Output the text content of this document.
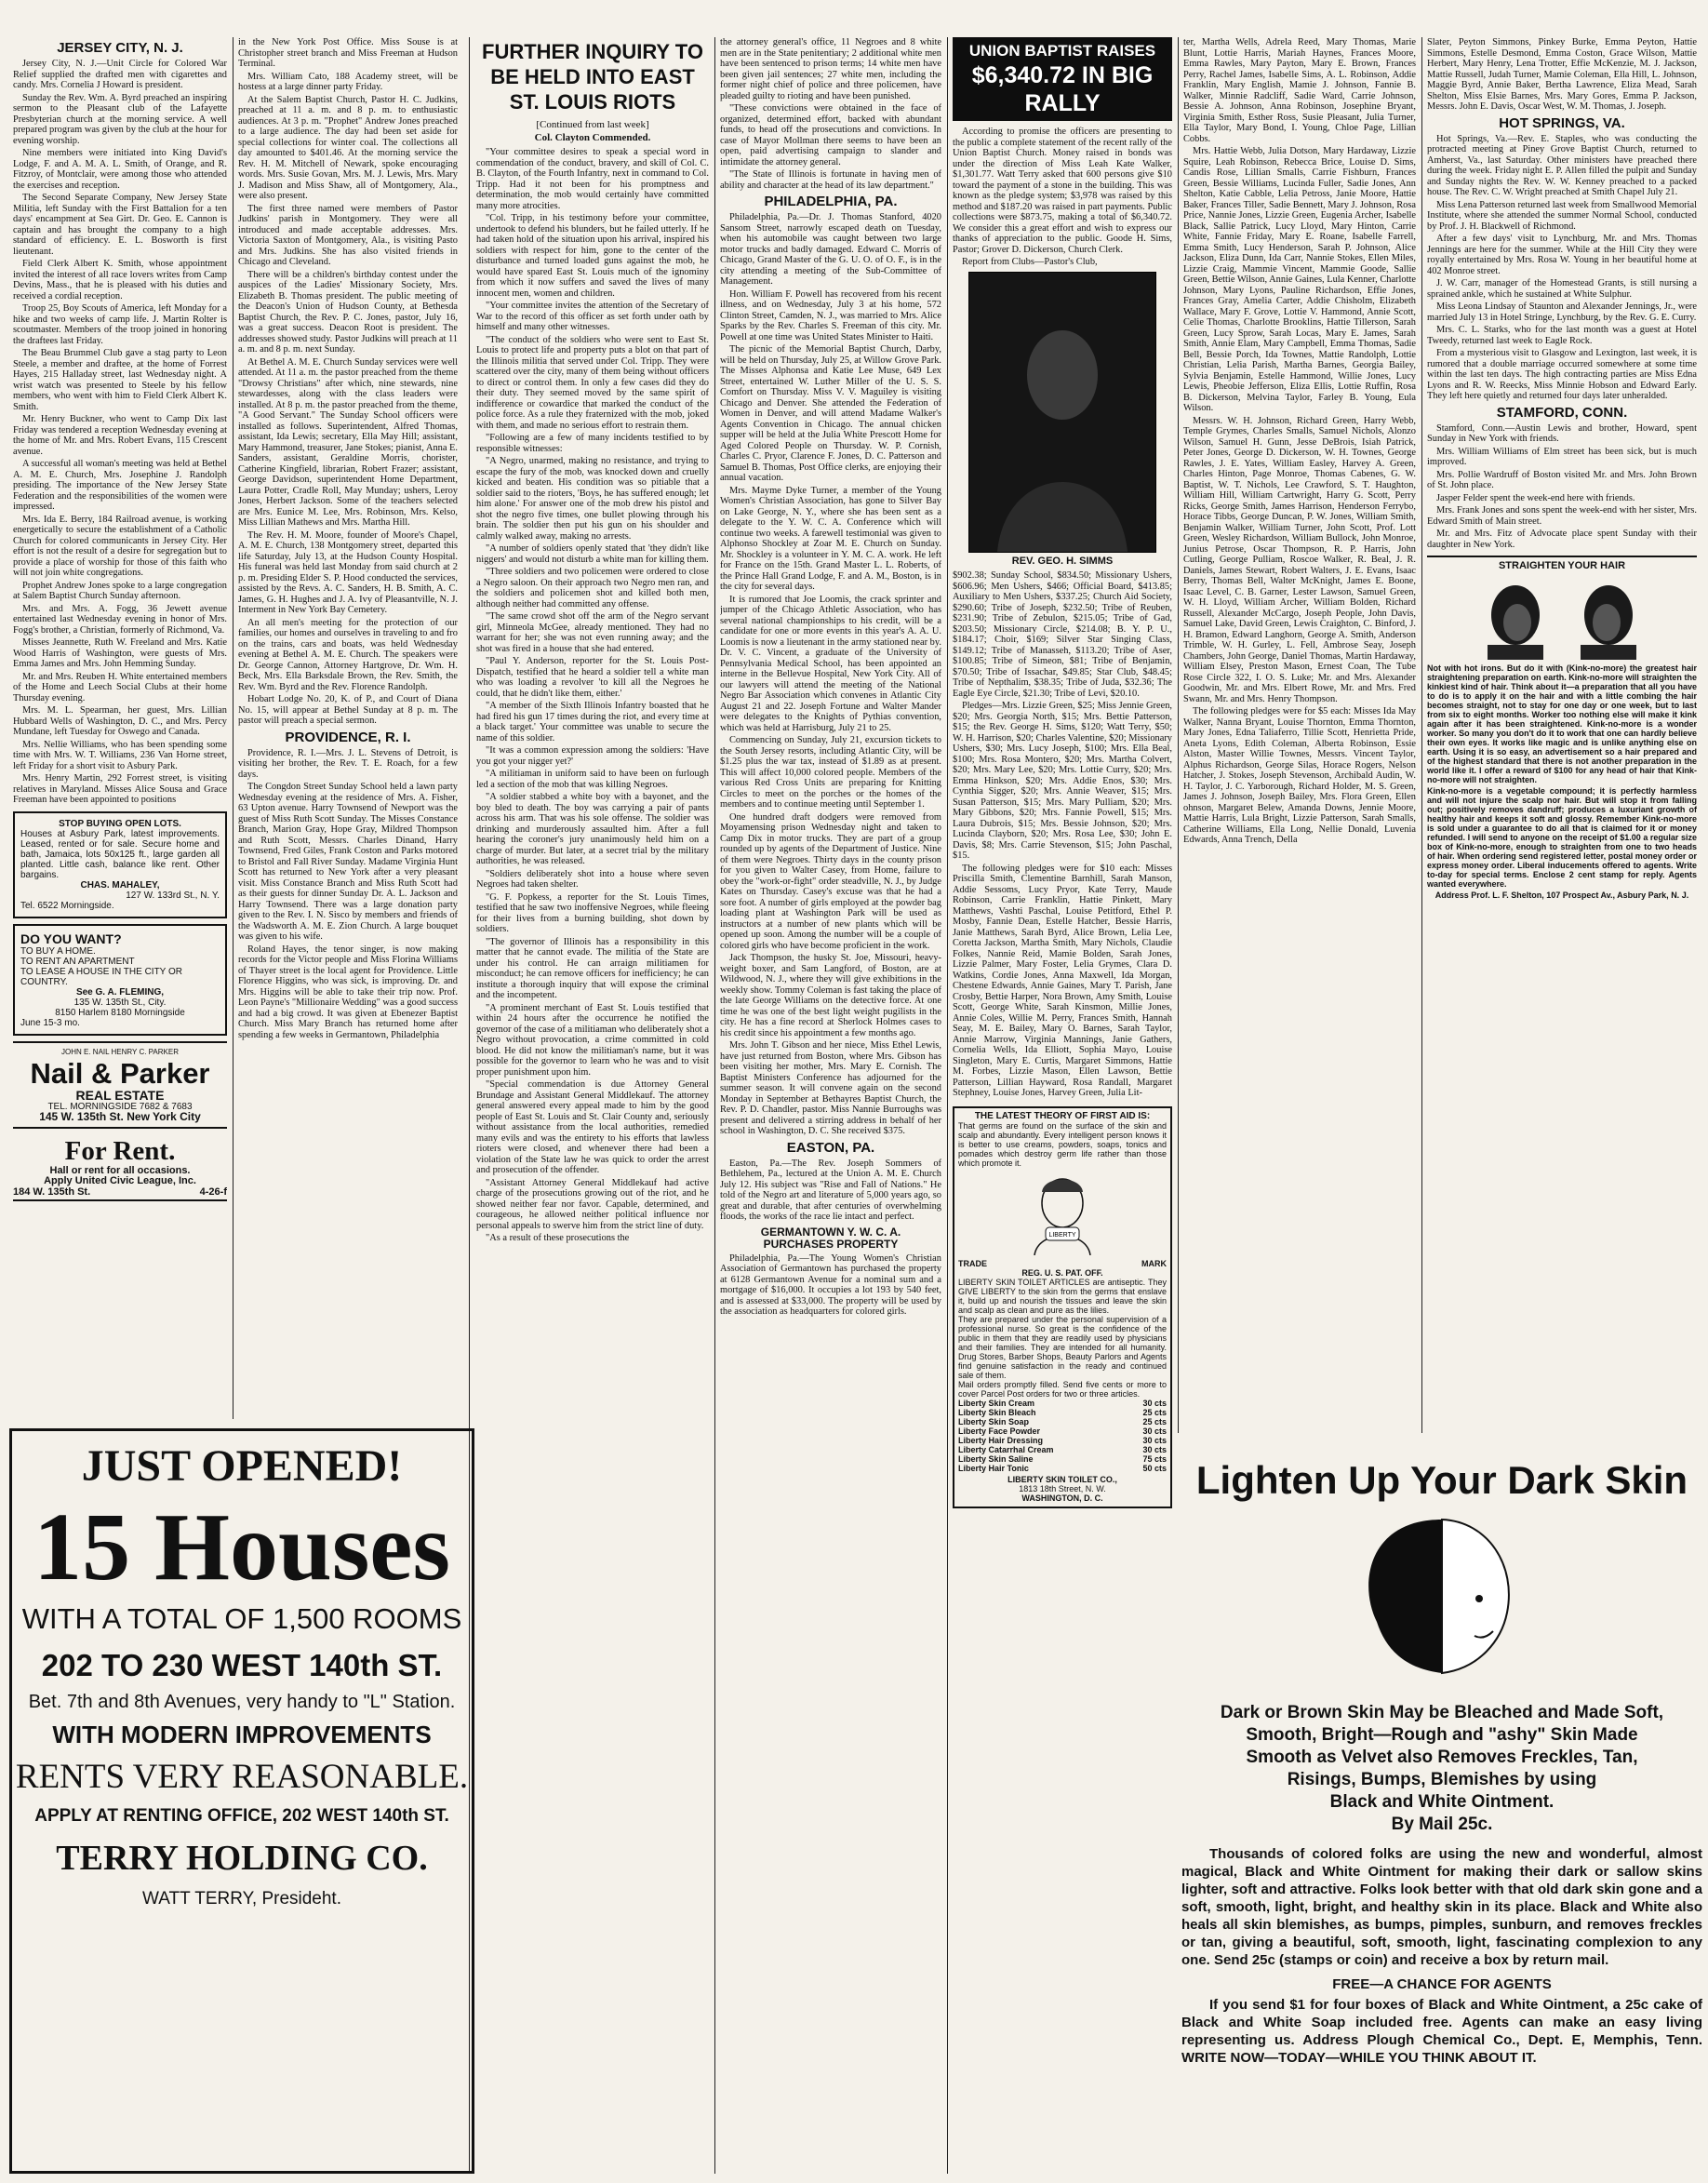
JERSEY CITY, N. J.

Jersey City, N. J.—Unit Circle for Colored War Relief supplied the drafted men with cigarettes and candy. Mrs. Cornelia J Howard is president.

Sunday the Rev. Wm. A. Byrd preached an inspiring sermon to the Pleasant club of the Lafayette Presbyterian church at the morning service. A well prepared program was given by the club at the hour for evening worship.

Nine members were initiated into King David's Lodge, F. and A. M. A. L. Smith, of Orange, and R. Fitzroy, of Montclair, were among those who attended the exercises and reception.

The Second Separate Company, New Jersey State Militia, left Sunday with the First Battalion for a ten days' encampment at Sea Girt. Dr. Geo. E. Cannon is captain and has brought the company to a high standard of efficiency. E. L. Bosworth is first lieutenant.

Field Clerk Albert K. Smith, whose appointment invited the interest of all race lovers writes from Camp Devins, Mass., that he is pleased with his duties and received a cordial reception.

Troop 25, Boy Scouts of America, left Monday for a hike and two weeks of camp life. J. Martin Rolter is scoutmaster. Members of the troop joined in honoring the draftees last Friday.

The Beau Brummel Club gave a stag party to Leon Steele, a member and draftee, at the home of Forrest Hayes, 215 Halladay street, last Wednesday night. A wrist watch was presented to Steele by his fellow members, who went with him to Field Clerk Albert K. Smith.

Mr. Henry Buckner, who went to Camp Dix last Friday was tendered a reception Wednesday evening at the home of Mr. and Mrs. Robert Evans, 115 Crescent avenue.

A successful all woman's meeting was held at Bethel A. M. E. Church, Mrs. Josephine J. Randolph presiding. The importance of the New Jersey State Federation and the responsibilities of the women were impressed.

Mrs. Ida E. Berry, 184 Railroad avenue, is working energetically to secure the establishment of a Catholic Church for colored communicants in Jersey City. Her effort is not the result of a desire for segregation but to provide a place of worship for those of this faith who will not join white congregations.

Prophet Andrew Jones spoke to a large congregation at Salem Baptist Church Sunday afternoon.

Mrs. and Mrs. A. Fogg, 36 Jewett avenue entertained last Wednesday evening in honor of Mrs. Fogg's brother, a Christian, formerly of Richmond, Va.

Misses Jeannette, Ruth W. Freeland and Mrs. Katie Wood Harris of Washington, were guests of Mrs. Emma James and Mrs. John Hemming Sunday.

Mr. and Mrs. Reuben H. White entertained members of the Home and Leech Social Clubs at their home Thursday evening.

Mrs. M. L. Spearman, her guest, Mrs. Lillian Hubbard Wells of Washington, D. C., and Mrs. Percy Mundane, left Tuesday for Oswego and Canada.

Mrs. Nellie Williams, who has been spending some time with Mrs. W. T. Williams, 236 Van Horne street, left Friday for a short visit to Asbury Park.

Mrs. Henry Martin, 292 Forrest street, is visiting relatives in Maryland. Misses Alice Sousa and Grace Freeman have been appointed to positions

STOP BUYING OPEN LOTS.
Houses at Asbury Park, latest improvements. Leased, rented or for sale. Secure home and bath, Jamaica, lots 50x125 ft., large garden all planted. Little cash, balance like rent. Other bargains.
CHAS. MAHALEY,
127 W. 133rd St., N. Y.
Tel. 6522 Morningside.
DO YOU WANT?
TO BUY A HOME.
TO RENT AN APARTMENT
TO LEASE A HOUSE IN THE CITY OR COUNTRY.
See G. A. FLEMING,
135 W. 135th St., City.
8150 Harlem 8180 Morningside
June 15-3 mo.
JOHN E. NAIL HENRY C. PARKER
Nail & Parker
REAL ESTATE
TEL. MORNINGSIDE 7682 & 7683
145 W. 135th St. New York City
For Rent.
Hall or rent for all occasions.
Apply United Civic League, Inc.
184 W. 135th St.	4-26-f

in the New York Post Office. Miss Souse is at Christopher street branch and Miss Freeman at Hudson Terminal.

Mrs. William Cato, 188 Academy street, will be hostess at a large dinner party Friday.

At the Salem Baptist Church, Pastor H. C. Judkins, preached at 11 a. m. and 8 p. m. to enthusiastic audiences. At 3 p. m. "Prophet" Andrew Jones preached to a large audience. The day had been set aside for special collections for winter coal. The collections all day amounted to $401.46. At the morning service the Rev. H. M. Mitchell of Newark, spoke encouraging words. Mrs. Susie Govan, Mrs. M. J. Lewis, Mrs. Mary J. Madison and Miss Shaw, all of Montgomery, Ala., were also present.

The first three named were members of Pastor Judkins' parish in Montgomery. They were all introduced and made acceptable addresses. Mrs. Victoria Saxton of Montgomery, Ala., is visiting Pasto and Mrs. Judkins. She has also visited friends in Chicago and Cleveland.

There will be a children's birthday contest under the auspices of the Ladies' Missionary Society, Mrs. Elizabeth B. Thomas president. The public meeting of the Deacon's Union of Hudson County, at Bethesda Baptist Church, the Rev. P. C. Jones, pastor, July 16, was a great success. Deacon Root is president. The addresses showed study. Pastor Judkins will preach at 11 a. m. and 8 p. m. next Sunday.

At Bethel A. M. E. Church Sunday services were well attended. At 11 a. m. the pastor preached from the theme "Drowsy Christians" after which, nine stewards, nine stewardesses, along with the class leaders were installed. At 8 p. m. the pastor preached from the theme, "A Good Servant." The Sunday School officers were installed as follows. Superintendent, Alfred Thomas, assistant, Ida Lewis; secretary, Ella May Hill; assistant, Mary Hammond, treasurer, Jane Stokes; pianist, Anna E. Sanders, assistant, Geraldine Morris, chorister, Catherine Kingfield, librarian, Robert Frazer; assistant, George Davidson, superintendent Home Department, Laura Potter, Cradle Roll, May Munday; ushers, Leroy Jones, Herbert Jackson. Some of the teachers selected are Mrs. Eunice M. Lee, Mrs. Robinson, Mrs. Kelso, Miss Lillian Mathews and Mrs. Martha Hill.

The Rev. H. M. Moore, founder of Moore's Chapel, A. M. E. Church, 138 Montgomery street, departed this life Saturday, July 13, at the Hudson County Hospital. His funeral was held last Monday from said church at 2 p. m. Presiding Elder S. P. Hood conducted the services, assisted by the Revs. A. C. Sanders, H. B. Smith, A. C. James, G. H. Hughes and J. A. Ivy of Pleasantville, N. J. Interment in New York Bay Cemetery.

An all men's meeting for the protection of our families, our homes and ourselves in traveling to and fro on the trains, cars and boats, was held Wednesday evening at Bethel A. M. E. Church. The speakers were Dr. George Cannon, Attorney Hartgrove, Dr. Wm. H. Beck, Mrs. Ella Barksdale Brown, the Rev. Smith, the Rev. Wm. Byrd and the Rev. Florence Randolph.

Hobart Lodge No. 20, K. of P., and Court of Diana No. 15, will appear at Bethel Sunday at 8 p. m. The pastor will preach a special sermon.

PROVIDENCE, R. I.

Providence, R. I.—Mrs. J. L. Stevens of Detroit, is visiting her brother, the Rev. T. E. Roach, for a few days.

The Congdon Street Sunday School held a lawn party Wednesday evening at the residence of Mrs. A. Fisher, 63 Upton avenue. Harry Townsend of Newport was the guest of Miss Ruth Scott Sunday. The Misses Constance Branch, Marion Gray, Hope Gray, Mildred Thompson and Ruth Scott, Messrs. Charles Dinand, Harry Townsend, Fred Giles, Frank Coston and Parks motored to Bristol and Fall River Sunday. Madame Virginia Hunt Scott has returned to New York after a very pleasant visit. Miss Constance Branch and Miss Ruth Scott had as their guests for dinner Sunday Dr. A. L. Jackson and Harry Townsend. There was a large donation party given to the Rev. I. N. Sisco by members and friends of the Wadsworth A. M. E. Zion Church. A large bouquet was given to his wife.

Roland Hayes, the tenor singer, is now making records for the Victor people and Miss Florina Williams of Thayer street is the local agent for Providence. Little Florence Higgins, who was sick, is improving. Dr. and Mrs. Higgins will be able to take their trip now. Prof. Leon Payne's "Millionaire Wedding" was a good success and had a big crowd. It was given at Ebenezer Baptist Church. Miss Mary Branch has returned home after spending a few weeks in Germantown, Philadelphia

JUST OPENED!
15 Houses
WITH A TOTAL OF 1,500 ROOMS
202 TO 230 WEST 140th ST.
Bet. 7th and 8th Avenues, very handy to "L" Station.
WITH MODERN IMPROVEMENTS
RENTS VERY REASONABLE.
APPLY AT RENTING OFFICE, 202 WEST 140th ST.
TERRY HOLDING CO.
WATT TERRY, Presideht.
FURTHER INQUIRY TO
BE HELD INTO EAST
ST. LOUIS RIOTS
[Continued from last week]
Col. Clayton Commended.

"Your committee desires to speak a special word in commendation of the conduct, bravery, and skill of Col. C. B. Clayton, of the Fourth Infantry, next in command to Col. Tripp. Had it not been for his promptness and determination, the mob would certainly have committed many more atrocities.

"Col. Tripp, in his testimony before your committee, undertook to defend his blunders, but he failed utterly. If he had taken hold of the situation upon his arrival, inspired his soldiers with respect for him, gone to the center of the disturbance and turned loaded guns against the mob, he would have spared East St. Louis much of the ignominy from which it now suffers and saved the lives of many innocent men, women and children.

"Your committee invites the attention of the Secretary of War to the record of this officer as set forth under oath by himself and many other witnesses.

"The conduct of the soldiers who were sent to East St. Louis to protect life and property puts a blot on that part of the Illinois militia that served under Col. Tripp. They were scattered over the city, many of them being without officers to direct or control them. In only a few cases did they do their duty. They seemed moved by the same spirit of indifference or cowardice that marked the conduct of the police force. As a rule they fraternized with the mob, joked with them, and made no serious effort to restrain them.

"Following are a few of many incidents testified to by responsible witnesses:

"A Negro, unarmed, making no resistance, and trying to escape the fury of the mob, was knocked down and cruelly kicked and beaten. His condition was so pitiable that a soldier said to the rioters, 'Boys, he has suffered enough; let him alone.' For answer one of the mob drew his pistol and shot the negro five times, one bullet plowing through his brain. The soldier then put his gun on his shoulder and calmly walked away, making no arrests.

"A number of soldiers openly stated that 'they didn't like niggers' and would not disturb a white man for killing them.

"Three soldiers and two policemen were ordered to close a Negro saloon. On their approach two Negro men ran, and the soldiers and policemen shot and killed both men, although neither had committed any offense.

"The same crowd shot off the arm of the Negro servant girl, Minneola McGee, already mentioned. They had no warrant for her; she was not even running away; and the shot was fired in a house that she had entered.

"Paul Y. Anderson, reporter for the St. Louis Post-Dispatch, testified that he heard a soldier tell a white man who was loading a revolver 'to kill all the Negroes he could, that he didn't like them, either.'

"A member of the Sixth Illinois Infantry boasted that he had fired his gun 17 times during the riot, and every time at a black target.' Your committee was unable to secure the name of this soldier.

"It was a common expression among the soldiers: 'Have you got your nigger yet?'

"A militiaman in uniform said to have been on furlough led a section of the mob that was killing Negroes.

"A soldier stabbed a white boy with a bayonet, and the boy bled to death. The boy was carrying a pair of pants across his arm. That was his sole offense. The soldier was drinking and murderously assaulted him. After a full hearing the coroner's jury unanimously held him on a charge of murder. But later, at a secret trial by the military authorities, he was released.

"Soldiers deliberately shot into a house where seven Negroes had taken shelter.

"G. F. Popkess, a reporter for the St. Louis Times, testified that he saw two inoffensive Negroes, while fleeing for their lives from a burning building, shot down by soldiers.

"The governor of Illinois has a responsibility in this matter that he cannot evade. The militia of the State are under his control. He can arraign militiamen for misconduct; he can remove officers for inefficiency; he can institute a thorough inquiry that will expose the criminal and the incompetent.

"A prominent merchant of East St. Louis testified that within 24 hours after the occurrence he notified the governor of the case of a militiaman who deliberately shot a Negro without provocation, a crime committed in cold blood. He did not know the militiaman's name, but it was possible for the governor to learn who he was and to visit proper punishment upon him.

"Special commendation is due Attorney General Brundage and Assistant General Middlekauf. The attorney general answered every appeal made to him by the good people of East St. Louis and St. Clair County and, seriously without assistance from the local authorities, remedied many evils and was the entirety to his efforts that lawless rioters were closed, and whenever there had been a violation of the State law he was quick to order the arrest and prosecution of the offender.

"Assistant Attorney General Middlekauf had active charge of the prosecutions growing out of the riot, and he showed neither fear nor favor. Capable, determined, and courageous, he allowed neither political influence nor personal appeals to swerve him from the strict line of duty.

"As a result of these prosecutions the

the attorney general's office, 11 Negroes and 8 white men are in the State penitentiary; 2 additional white men have been sentenced to prison terms; 14 white men have been given jail sentences; 27 white men, including the former night chief of police and three policemen, have pleaded guilty to rioting and have been punished.

"These convictions were obtained in the face of organized, determined effort, backed with abundant funds, to head off the prosecutions and convictions. In case of Mayor Mollman there seems to have been an open, paid advertising campaign to slander and intimidate the attorney general.

"The State of Illinois is fortunate in having men of ability and character at the head of its law department."

PHILADELPHIA, PA.

Philadelphia, Pa.—Dr. J. Thomas Stanford, 4020 Sansom Street, narrowly escaped death on Tuesday, when his automobile was caught between two large motor trucks and badly damaged. Edward C. Morris of Chicago, Grand Master of the G. U. O. of O. F., is in the city attending a meeting of the Sub-Committee of Management.

Hon. William F. Powell has recovered from his recent illness, and on Wednesday, July 3 at his home, 572 Clinton Street, Camden, N. J., was married to Mrs. Alice Sparks by the Rev. Charles S. Freeman of this city. Mr. Powell at one time was United States Minister to Haiti.

The picnic of the Memorial Baptist Church, Darby, will be held on Thursday, July 25, at Willow Grove Park. The Misses Alphonsa and Katie Lee Muse, 649 Lex Street, entertained W. Luther Miller of the U. S. S. Comfort on Thursday. Miss V. V. Maguiley is visiting Chicago and Denver. She attended the Federation of Women in Denver, and will attend Madame Walker's Agents Convention in Chicago. The annual chicken supper will be held at the Julia White Prescott Home for Aged Colored People on Thursday. W. P. Cornish, Charles C. Pryor, Clarence F. Jones, D. C. Patterson and Samuel B. Thomas, Post Office clerks, are enjoying their annual vacation.

Mrs. Mayme Dyke Turner, a member of the Young Women's Christian Association, has gone to Silver Bay on Lake George, N. Y., where she has been sent as a delegate to the Y. W. C. A. Conference which will continue two weeks. A farewell testimonial was given to Alphonso Shockley at Zoar M. E. Church on Sunday. Mr. Shockley is a volunteer in Y. M. C. A. work. He left for France on the 15th. Grand Master L. L. Roberts, of the Prince Hall Grand Lodge, F. and A. M., Boston, is in the city for several days.

It is rumored that Joe Loomis, the crack sprinter and jumper of the Chicago Athletic Association, who has several national championships to his credit, will be a candidate for one or more events in this year's A. A. U. Loomis is now a lieutenant in the army stationed near by. Dr. V. C. Vincent, a graduate of the University of Pennsylvania Medical School, has been appointed an interne in the Bellevue Hospital, New York City. All of our lawyers will attend the meeting of the National Negro Bar Association which convenes in Atlantic City August 21 and 22. Joseph Fortune and Walter Mander were delegates to the Knights of Pythias convention, which was held at Harrisburg, July 21 to 25.

Commencing on Sunday, July 21, excursion tickets to the South Jersey resorts, including Atlantic City, will be $1.25 plus the war tax, instead of $1.89 as at present. This will affect 10,000 colored people. Members of the various Red Cross Units are preparing for Knitting Circles to meet on the porches or the homes of the members and to continue meeting until September 1.

One hundred draft dodgers were removed from Moyamensing prison Wednesday night and taken to Camp Dix in motor trucks. They are part of a group rounded up by agents of the Department of Justice. Nine of them were Negroes. Thirty days in the county prison for you given to Walter Casey, from Home, failure to obey the "work-or-fight" order steadville, N. J., by Judge Kates on Thursday. Casey's excuse was that he had a sore foot. A number of girls employed at the powder bag loading plant at Washington Park will be used as instructors at a number of new plants which will be opened up soon. Among the number will be a couple of colored girls who have become proficient in the work.

Jack Thompson, the husky St. Joe, Missouri, heavy-weight boxer, and Sam Langford, of Boston, are at Wildwood, N. J., where they will give exhibitions in the weekly show. Tommy Coleman is fast taking the place of the late George Williams on the detective force. At one time he was one of the best light weight pugilists in the city. He has a fine record at Sherlock Holmes cases to his credit since his appointment a few months ago.

Mrs. John T. Gibson and her niece, Miss Ethel Lewis, have just returned from Boston, where Mrs. Gibson has been visiting her mother, Mrs. Mary E. Cornish. The Baptist Ministers Conference has adjourned for the summer season. It will convene again on the second Monday in September at Bethayres Baptist Church, the Rev. P. D. Chandler, pastor. Miss Nannie Burroughs was present and delivered a stirring address in behalf of her school in Washington, D. C. She received $375.

EASTON, PA.

Easton, Pa.—The Rev. Joseph Sommers of Bethlehem, Pa., lectured at the Union A. M. E. Church July 12. His subject was "Rise and Fall of Nations." He told of the Negro art and literature of 5,000 years ago, so great and durable, that after centuries of overwhelming floods, the works of the race lie intact and perfect.

GERMANTOWN Y. W. C. A.
PURCHASES PROPERTY

Philadelphia, Pa.—The Young Women's Christian Association of Germantown has purchased the property at 6128 Germantown Avenue for a nominal sum and a mortgage of $16,000. It occupies a lot 193 by 540 feet, and is assessed at $33,000. The property will be used by the association as headquarters for colored girls.

UNION BAPTIST RAISES
$6,340.72 IN BIG RALLY

According to promise the officers are presenting to the public a complete statement of the recent rally of the Union Baptist Church. Money raised in bonds was under the direction of Miss Leah Kate Walker, $1,301.77. Watt Terry asked that 600 persons give $10 toward the payment of a stone in the building. This was known as the pledge system; $3,978 was raised by this method and $187.20 was raised in part payments. Public collections were $873.75, making a total of $6,340.72. We consider this a great effort and wish to express our thanks of appreciation to the public. Goode H. Sims, Pastor; Grover D. Dickerson, Church Clerk.

Report from Clubs—Pastor's Club,

REV. GEO. H. SIMMS

$902.38; Sunday School, $834.50; Missionary Ushers, $606.96; Men Ushers, $466; Official Board, $413.85; Auxiliary to Men Ushers, $337.25; Church Aid Society, $290.60; Tribe of Joseph, $232.50; Tribe of Reuben, $231.90; Tribe of Zebulon, $215.05; Tribe of Gad, $203.50; Missionary Circle, $214.08; B. Y. P. U., $184.17; Choir, $169; Silver Star Singing Class, $149.12; Tribe of Manasseh, $113.20; Tribe of Aser, $100.85; Tribe of Simeon, $81; Tribe of Benjamin, $70.50; Tribe of Issachar, $49.85; Star Club, $48.45; Tribe of Nepthalim, $38.35; Tribe of Juda, $32.36; The Eagle Eye Circle, $21.30; Tribe of Levi, $20.10.

Pledges—Mrs. Lizzie Green, $25; Miss Jennie Green, $20; Mrs. Georgia North, $15; Mrs. Bettie Patterson, $15; the Rev. George H. Sims, $120; Watt Terry, $50; W. H. Harrison, $20; Charles Valentine, $20; Missionary Ushers, $30; Mrs. Lucy Joseph, $100; Mrs. Ella Beal, $100; Mrs. Rosa Montero, $20; Mrs. Martha Colvert, $20; Mrs. Mary Lee, $20; Mrs. Lottie Curry, $20; Mrs. Emma Hinkson, $20; Mrs. Addie Enos, $30; Mrs. Cynthia Sigger, $20; Mrs. Annie Weaver, $15; Mrs. Susan Patterson, $15; Mrs. Mary Pulliam, $20; Mrs. Mary Gibbons, $20; Mrs. Fannie Powell, $15; Mrs. Laura Dubrois, $15; Mrs. Bessie Johnson, $20; Mrs. Lucinda Clayborn, $20; Mrs. Rosa Lee, $30; John E. Davis, $8; Mrs. Carrie Stevenson, $15; John Paschal, $15.

The following pledges were for $10 each: Misses Priscilla Smith, Clementine Barnhill, Sarah Manson, Addie Sessoms, Lucy Pryor, Kate Terry, Maude Robinson, Carrie Franklin, Hattie Pinkett, Mary Matthews, Vashti Paschal, Louise Petitford, Ethel P. Mosby, Fannie Dean, Estelle Hatcher, Bessie Harris, Janie Matthews, Sarah Byrd, Alice Brown, Lelia Lee, Coretta Jackson, Martha Smith, Mary Nichols, Claudie Folkes, Nannie Reid, Mamie Bolden, Sarah Jones, Lizzie Palmer, Mary Foster, Lelia Grymes, Clara D. Watkins, Cordie Jones, Anna Maxwell, Ida Morgan, Chestene Edwards, Annie Gaines, Mary T. Parish, Jane Crosby, Bettie Harper, Nora Brown, Amy Smith, Louise Scott, George White, Sarah Kinsmon, Millie Jones, Annie Coles, Willie M. Perry, Frances Smith, Hannah Seay, M. E. Bailey, Mary O. Barnes, Sarah Taylor, Annie Marrow, Virginia Mannings, Janie Gathers, Cornelia Wells, Ida Elliott, Sophia Mayo, Louise Singleton, Mary E. Curtis, Margaret Simmons, Hattie M. Forbes, Lizzie Mason, Ellen Lawson, Bettie Patterson, Lillian Hayward, Rosa Randall, Margaret Stephney, Louise Jones, Harvey Green, Julia Lit-

THE LATEST THEORY OF FIRST AID IS:
That germs are found on the surface of the skin and scalp and abundantly. Every intelligent person knows it is better to use creams, powders, soaps, tonics and pomades which destroy germ life rather than those which promote it.
LIBERTY
TRADE	MARK
REG. U. S. PAT. OFF.
LIBERTY SKIN TOILET ARTICLES are antiseptic. They GIVE LIBERTY to the skin from the germs that enslave it, build up and nourish the tissues and leave the skin and scalp as clean and pure as the lilies.
They are prepared under the personal supervision of a professional nurse. So great is the confidence of the public in them that they are readily used by physicians and their families. They are intended for all humanity. Drug Stores, Barber Shops, Beauty Parlors and Agents find genuine satisfaction in the ready and continued sale of them.
Mail orders promptly filled. Send five cents or more to cover Parcel Post orders for two or three articles.
Liberty Skin Cream	30 cts
Liberty Skin Bleach	25 cts
Liberty Skin Soap	25 cts
Liberty Face Powder	30 cts
Liberty Hair Dressing	30 cts
Liberty Catarrhal Cream	30 cts
Liberty Skin Saline	75 cts
Liberty Hair Tonic	50 cts
LIBERTY SKIN TOILET CO.,
1813 18th Street, N. W.
WASHINGTON, D. C.

ter, Martha Wells, Adrela Reed, Mary Thomas, Marie Blunt, Lottie Harris, Mariah Haynes, Frances Moore, Emma Rawles, Mary Payton, Mary E. Brown, Frances Perry, Rachel James, Isabelle Sims, A. L. Robinson, Addie Franklin, Mary English, Mamie J. Johnson, Fannie B. Walker, Minnie Radcliff, Sadie Ward, Carrie Johnson, Bessie A. Johnson, Anna Robinson, Josephine Bryant, Virginia Smith, Esther Ross, Susie Pleasant, Julia Turner, Ella Taylor, Mary Bond, I. Young, Chloe Page, Lillian Cobbs.

Mrs. Hattie Webb, Julia Dotson, Mary Hardaway, Lizzie Squire, Leah Robinson, Rebecca Brice, Louise D. Sims, Candis Rose, Lillian Smalls, Carrie Fishburn, Frances Green, Bessie Williams, Lucinda Fuller, Sadie Jones, Ann Shelton, Katie Cabble, Lelia Petross, Janie Moore, Hattie Baker, Frances Tiller, Sadie Bennett, Mary J. Johnson, Rosa Price, Nannie Jones, Lizzie Green, Eugenia Archer, Isabelle Black, Sallie Patrick, Lucy Lloyd, Mary Hinton, Carrie White, Fannie Friday, Mary E. Roane, Isabelle Farrell, Emma Smith, Lucy Henderson, Sarah P. Johnson, Alice Jackson, Eliza Dunn, Ida Carr, Nannie Stokes, Ellen Miles, Lizzie Craig, Mammie Vincent, Mammie Goode, Sallie Green, Bettie Wilson, Annie Gaines, Lula Kenner, Charlotte Johnson, Mary Lyons, Pauline Richardson, Effie Jones, Frances Gray, Amelia Carter, Addie Chisholm, Elizabeth Wallace, Mary F. Grove, Lottie V. Hammond, Annie Scott, Celie Thomas, Charlotte Brooklins, Hattie Tillerson, Sarah Green, Lucy Sprow, Sarah Locas, Mary E. James, Sarah Smith, Annie Elam, Mary Campbell, Emma Thomas, Sadie Bell, Bessie Porch, Ida Townes, Mattie Randolph, Lottie Christian, Lelia Parish, Martha Barnes, Georgia Bailey, Sylvia Benjamin, Estelle Hammond, Willie Jones, Lucy Lewis, Pheobie Jefferson, Eliza Ellis, Lottie Ruffin, Rosa B. Dickerson, Melvina Taylor, Farley B. Young, Eula Wilson.

Messrs. W. H. Johnson, Richard Green, Harry Webb, Temple Grymes, Charles Smalls, Samuel Nichols, Alonzo Wilson, Samuel H. Gunn, Jesse DeBrois, Isiah Patrick, Peter Jones, George D. Dickerson, W. H. Townes, George Rawles, J. E. Yates, William Easley, Harvey A. Green, Charles Hinton, Page Monroe, Thomas Cabenes, G. W. Baptist, W. T. Nichols, Lee Crawford, S. T. Haughton, William Hill, William Cartwright, Harry G. Scott, Perry Ricks, George Smith, James Harrison, Henderson Ferrybo, Horace Tibbs, George Duncan, P. W. Jones, William Smith, Benjamin Walker, William Turner, John Scott, Prof. Lott Green, Wesley Richardson, William Bullock, John Monroe, Junius Petrose, Oscar Thompson, R. P. Harris, John Cutling, George Pulliam, Roscoe Walker, R. Beal, J. R. Daniels, James Stewart, Robert Walters, J. E. Evans, Isaac Berry, Thomas Bell, Walter McKnight, James E. Boone, Isaac Level, C. B. Garner, Lester Lawson, Samuel Green, W. H. Lloyd, William Archer, William Bolden, Richard Russell, Alexander McCargo, Joseph People, John Davis, Samuel Lake, David Green, Lewis Craighton, C. Binford, J. H. Bramon, Edward Langhorn, George A. Smith, Anderson Trimble, W. H. Gurley, L. Fell, Ambrose Seay, Joseph Chambers, John George, Daniel Thomas, Martin Hardaway, William Elsey, Preston Mason, Ernest Coan, The Tube Rose Circle 322, I. O. S. Luke; Mr. and Mrs. Alexander Goodwin, Mr. and Mrs. Elbert Rowe, Mr. and Mrs. Fred Swann, Mr. and Mrs. Henry Thompson.

The following pledges were for $5 each: Misses Ida May Walker, Nanna Bryant, Louise Thornton, Emma Thornton, Mary Jones, Edna Taliaferro, Tillie Scott, Henrietta Pride, Aneta Lyons, Edith Coleman, Alberta Robinson, Essie Alston, Master Willie Townes, Messrs. Vincent Taylor, Alphus Richardson, George Silas, Horace Rogers, Nelson Hatcher, J. Stokes, Joseph Stevenson, Archibald Audin, W. H. Taylor, J. C. Yarborough, Richard Holder, M. S. Green, James J. Johnson, Joseph Bailey, Mrs. Flora Green, Ellen ohnson, Margaret Belew, Amanda Downs, Jennie Moore, Mattie Harris, Lula Bright, Lizzie Patterson, Sarah Smalls, Catherine Williams, Ella Long, Nellie Donald, Luvenia Edwards, Anna Trench, Della

Slater, Peyton Simmons, Pinkey Burke, Emma Peyton, Hattie Simmons, Estelle Desmond, Emma Coston, Grace Wilson, Mattie Herbert, Mary Henry, Lena Trotter, Effie McKenzie, M. J. Jackson, Mattie Russell, Judah Turner, Mamie Coleman, Ella Hill, L. Johnson, Maggie Byrd, Annie Baker, Bertha Lawrence, Eliza Mead, Sarah Shelton, Miss Elsie Barnes, Mrs. Mary Gores, Emma P. Jackson, Messrs. John E. Davis, Oscar West, W. M. Thomas, J. Joseph.

HOT SPRINGS, VA.

Hot Springs, Va.—Rev. E. Staples, who was conducting the protracted meeting at Piney Grove Baptist Church, returned to Amherst, Va., last Saturday. Other ministers have preached there during the week. Friday night E. P. Allen filled the pulpit and Sunday and Sunday nights the Rev. W. W. Kenney preached to a packed house. The Rev. C. W. Wright preached at Smith Chapel July 21.

Miss Lena Patterson returned last week from Smallwood Memorial Institute, where she attended the summer Normal School, conducted by Prof. J. H. Blackwell of Richmond.

After a few days' visit to Lynchburg, Mr. and Mrs. Thomas Jennings are here for the summer. While at the Hill City they were royally entertained by Mrs. Rosa W. Young in her beautiful home at 402 Monroe street.

J. W. Carr, manager of the Homestead Grants, is still nursing a sprained ankle, which he sustained at White Sulphur.

Miss Leona Lindsay of Staunton and Alexander Jennings, Jr., were married July 13 in Hotel Stringe, Lynchburg, by the Rev. G. E. Curry.

Mrs. C. L. Starks, who for the last month was a guest at Hotel Tweedy, returned last week to Eagle Rock.

From a mysterious visit to Glasgow and Lexington, last week, it is rumored that a double marriage occurred somewhere at some time within the last ten days. The high contracting parties are Miss Edna Lyons and R. W. Reecks, Miss Minnie Hobson and Edward Early. They left here quietly and returned four days later unheralded.

STAMFORD, CONN.

Stamford, Conn.—Austin Lewis and brother, Howard, spent Sunday in New York with friends.

Mrs. William Williams of Elm street has been sick, but is much improved.

Mrs. Pollie Wardruff of Boston visited Mr. and Mrs. John Brown of St. John place.

Jasper Felder spent the week-end here with friends.

Mrs. Frank Jones and sons spent the week-end with her sister, Mrs. Edward Smith of Main street.

Mr. and Mrs. Fitz of Advocate place spent Sunday with their daughter in New York.

STRAIGHTEN YOUR HAIR
Not with hot irons. But do it with (Kink-no-more) the greatest hair straightening preparation on earth. Kink-no-more will straighten the kinkiest kind of hair. Think about it—a preparation that all you have to do is to apply it on the hair and with a little combing the hair becomes straight, not to stay for one day or one week, but to last from six to eight months. Worker too nothing else will make it kink again after it has been straightened. Kink-no-more is a wonder worker. So many you don't do it to work that one can hardly believe their own eyes. It works like magic and is unlike anything else on earth. Using it is so easy, an advertisement so a hair prepared and of the highest standard that there is not another preparation in the world like it. I offer a reward of $100 for any head of hair that Kink-no-more will not straighten.
Kink-no-more is a vegetable compound; it is perfectly harmless and will not injure the scalp nor hair. But will stop it from falling out; positively removes dandruff; produces a luxuriant growth of healthy hair and keeps it soft and glossy. Remember Kink-no-more is sold under a guarantee to do all that is claimed for it or money refunded. I will send to anyone on the receipt of $1.00 a regular size box of Kink-no-more, enough to straighten from one to two heads of hair. When ordering send registered letter, postal money order or express money order. Liberal inducements offered to agents. Write to-day for special terms. Enclose 2 cent stamp for reply. Agents wanted everywhere.
Address Prof. L. F. Shelton, 107 Prospect Av., Asbury Park, N. J.
Lighten Up Your Dark Skin
Dark or Brown Skin May be Bleached and Made Soft,
Smooth, Bright—Rough and "ashy" Skin Made
Smooth as Velvet also Removes Freckles, Tan,
Risings, Bumps, Blemishes by using
Black and White Ointment.
By Mail 25c.
Thousands of colored folks are using the new and wonderful, almost magical, Black and White Ointment for making their dark or sallow skins lighter, soft and attractive. Folks look better with that old dark skin gone and a soft, smooth, light, bright, and healthy skin in its place. Black and White also heals all skin blemishes, as bumps, pimples, sunburn, and removes freckles or tan, giving a beautiful, soft, smooth, light, fascinating complexion to any one. Send 25c (stamps or coin) and receive a box by return mail.
FREE—A CHANCE FOR AGENTS
If you send $1 for four boxes of Black and White Ointment, a 25c cake of Black and White Soap included free. Agents can make an easy living representing us. Address Plough Chemical Co., Dept. E, Memphis, Tenn. WRITE NOW—TODAY—WHILE YOU THINK ABOUT IT.
